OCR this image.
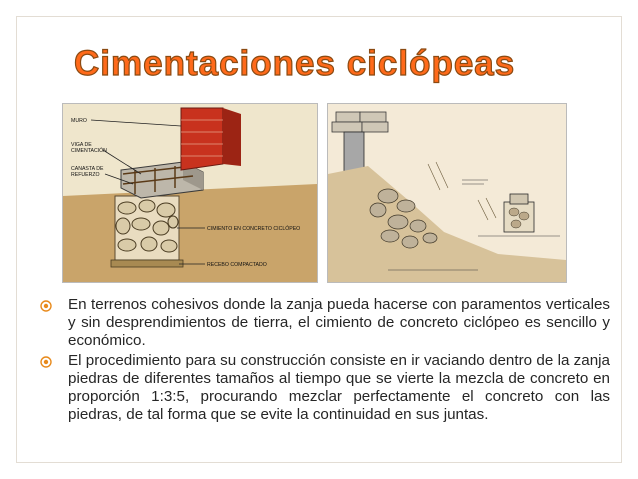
Cimentaciones ciclópeas
MURO
VIGA DE
CIMENTACIÓN
CANASTA DE
REFUERZO
CIMIENTO EN CONCRETO CICLÓPEO
RECEBO COMPACTADO
En terrenos cohesivos donde la zanja pueda hacerse con paramentos verticales y sin desprendimientos de tierra, el cimiento de concreto ciclópeo es sencillo y económico.
El procedimiento para su construcción consiste en ir vaciando dentro de la zanja piedras de diferentes tamaños al tiempo que se vierte la mezcla de concreto en proporción 1:3:5, procurando mezclar perfectamente el concreto con las piedras, de tal forma que se evite la continuidad en sus juntas.
